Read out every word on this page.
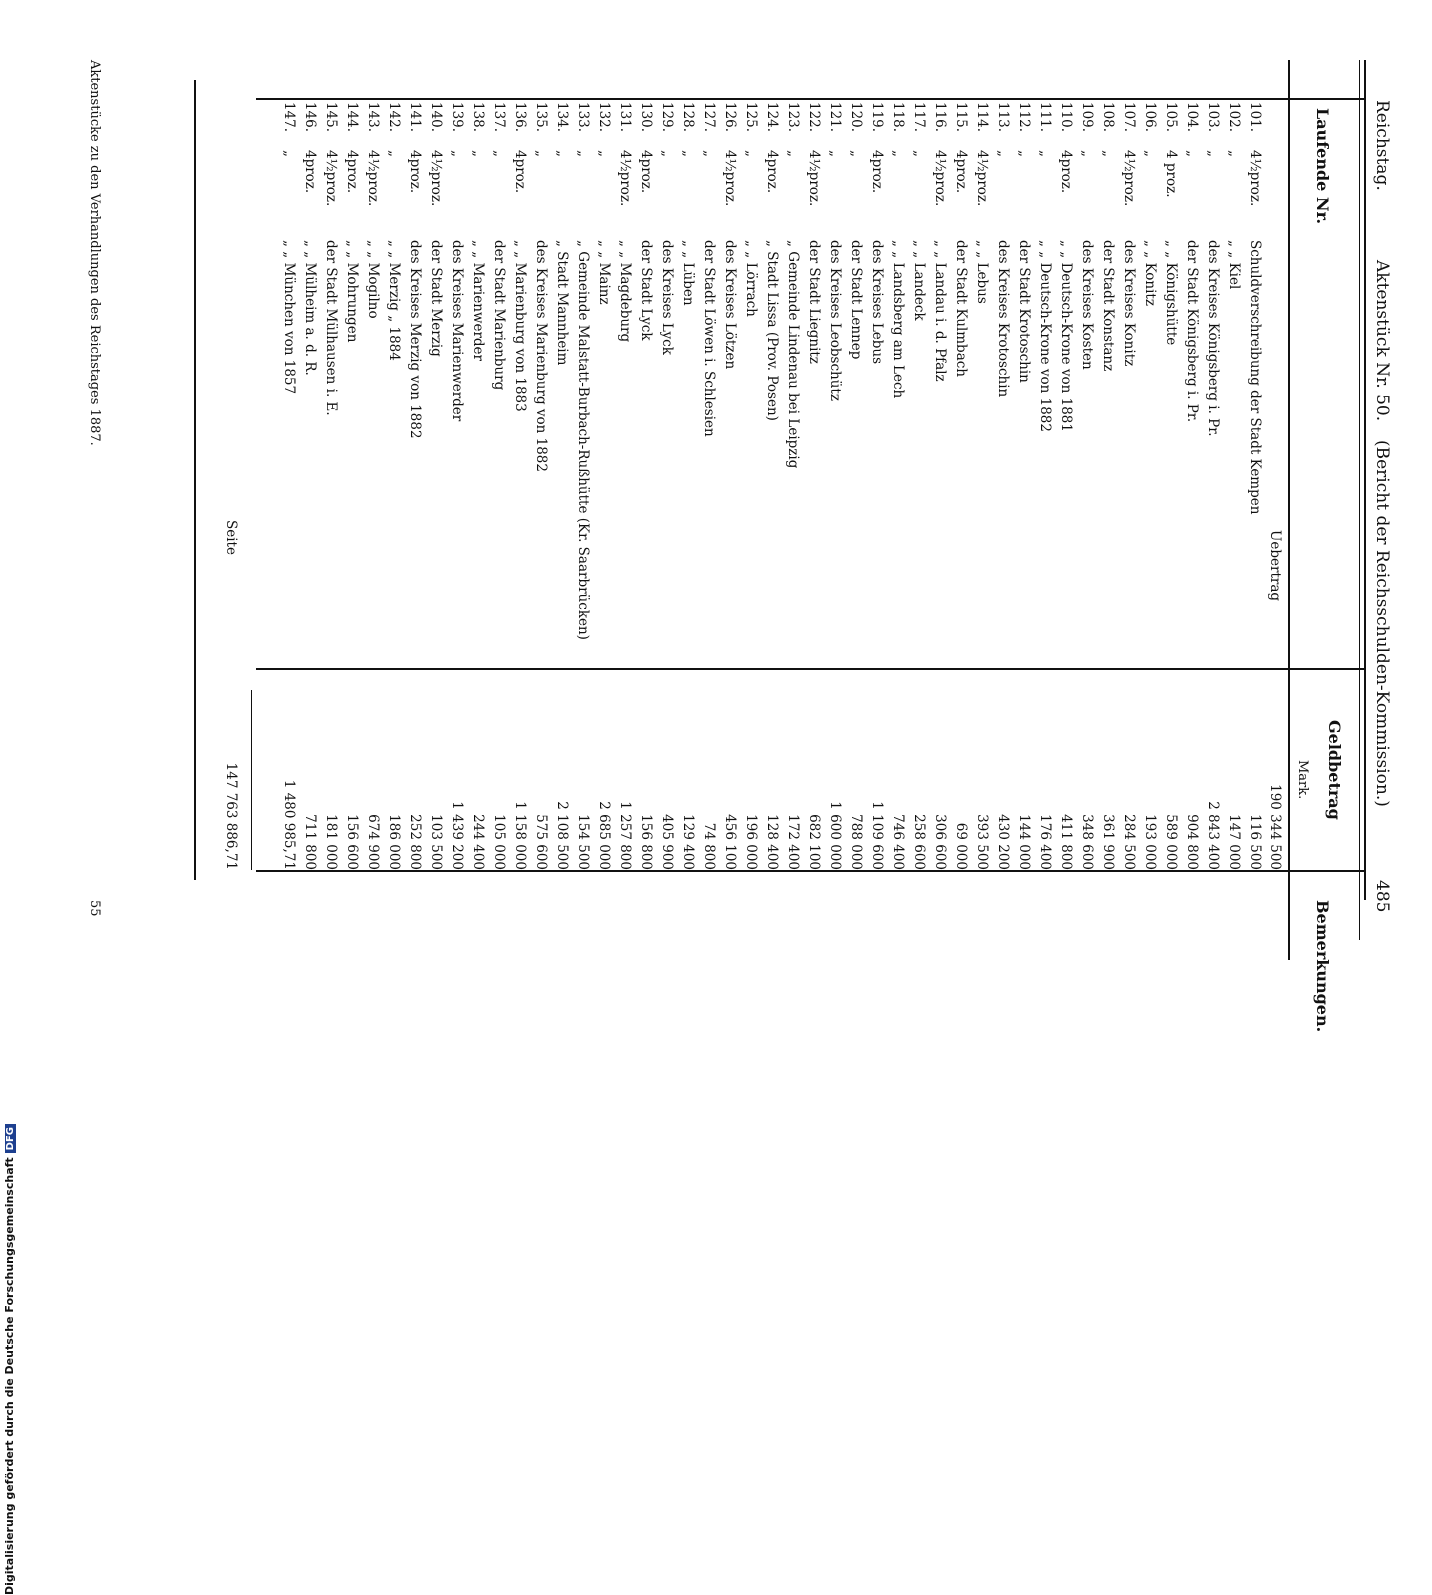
Reichstag.
Aktenstück Nr. 50.
(Bericht der Reichsschulden-Kommission.)
485
Laufende Nr.
Geldbetrag
Mark.
Bemerkungen.
Uebertrag
190 344 500
101.
4½proz.
Schuldverschreibung der Stadt Kempen
116 500
102.
„
„ „ Kiel
147 000
103.
„
des Kreises Königsberg i. Pr.
2 843 400
104.
„
der Stadt Königsberg i. Pr.
904 800
105.
4 proz.
„ „ Königshütte
589 000
106.
„
„ „ Konitz
193 000
107.
4½proz.
des Kreises Konitz
284 500
108.
„
der Stadt Konstanz
361 900
109.
„
des Kreises Kosten
348 600
110.
4proz.
„ „ Deutsch-Krone von 1881
411 800
111.
„
„ „ Deutsch-Krone von 1882
176 400
112.
„
der Stadt Krotoschin
144 000
113.
„
des Kreises Krotoschin
430 200
114.
4½proz.
„ „ Lebus
393 500
115.
4proz.
der Stadt Kulmbach
69 000
116.
4½proz.
„ „ Landau i. d. Pfalz
306 600
117.
„
„ „ Landeck
258 600
118.
„
„ „ Landsberg am Lech
746 400
119.
4proz.
des Kreises Lebus
1 109 600
120.
„
der Stadt Lennep
788 000
121.
„
des Kreises Leobschütz
1 600 000
122.
4½proz.
der Stadt Liegnitz
682 100
123.
„
„ Gemeinde Lindenau bei Leipzig
172 400
124.
4proz.
„ Stadt Lissa (Prov. Posen)
128 400
125.
„
„ „ Lörrach
196 000
126.
4½proz.
des Kreises Lötzen
456 100
127.
„
der Stadt Löwen i. Schlesien
74 800
128.
„
„ „ Lüben
129 400
129.
„
des Kreises Lyck
405 900
130.
4proz.
der Stadt Lyck
156 800
131.
4½proz.
„ „ Magdeburg
1 257 800
132.
„
„ „ Mainz
2 685 000
133.
„
„ Gemeinde Malstatt-Burbach-Rußhütte (Kr. Saarbrücken)
154 500
134.
„
„ Stadt Mannheim
2 108 500
135.
„
des Kreises Marienburg von 1882
575 600
136.
4proz.
„ „ Marienburg von 1883
1 158 000
137.
„
der Stadt Marienburg
105 000
138.
„
„ „ Marienwerder
244 400
139.
„
des Kreises Marienwerder
1 439 200
140.
4½proz.
der Stadt Merzig
103 500
141.
4proz.
des Kreises Merzig von 1882
252 800
142.
„
„ „ Merzig „ 1884
186 000
143.
4½proz.
„ „ Mogilno
674 900
144.
4proz.
„ „ Mohrungen
156 600
145.
4½proz.
der Stadt Mülhausen i. E.
181 000
146.
4proz.
„ „ Mülheim a. d. R.
711 800
147.
„
„ „ München von 1857
1 480 985,71
Seite
147 763 886,71
Aktenstücke zu den Verhandlungen des Reichstages 1887.
55
Digitalisierung gefördert durch die Deutsche ForschungsgemeinschaftDFG
